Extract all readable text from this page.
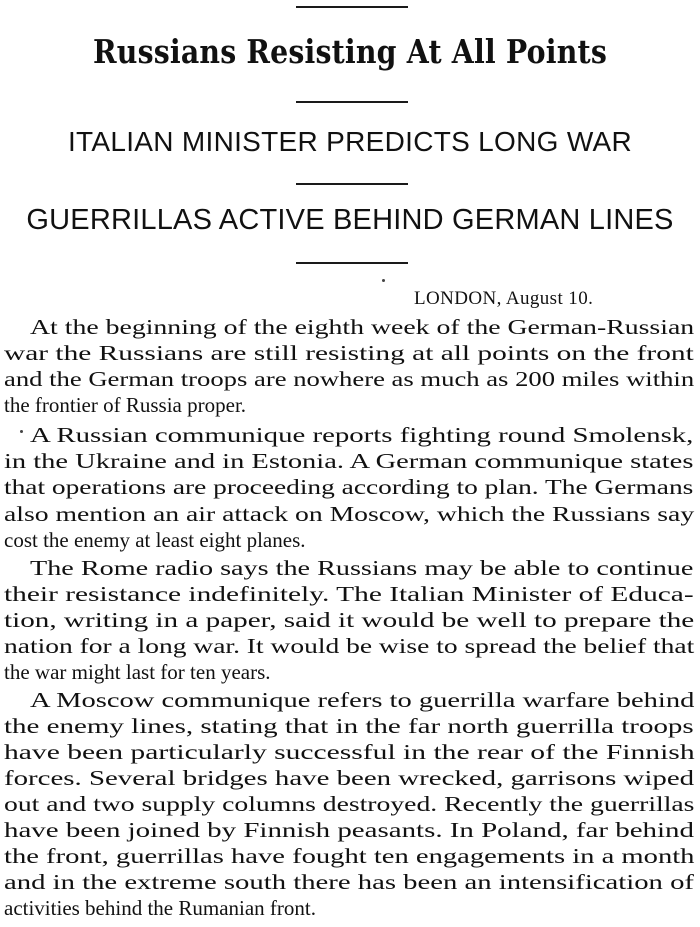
Russians Resisting At All Points
ITALIAN MINISTER PREDICTS LONG WAR
GUERRILLAS ACTIVE BEHIND GERMAN LINES
LONDON, August 10.
At the beginning of the eighth week of the German-Russian
war the Russians are still resisting at all points on the front
and the German troops are nowhere as much as 200 miles within
the frontier of Russia proper.
A Russian communique reports fighting round Smolensk,
in the Ukraine and in Estonia. A German communique states
that operations are proceeding according to plan. The Germans
also mention an air attack on Moscow, which the Russians say
cost the enemy at least eight planes.
The Rome radio says the Russians may be able to continue
their resistance indefinitely. The Italian Minister of Educa-
tion, writing in a paper, said it would be well to prepare the
nation for a long war. It would be wise to spread the belief that
the war might last for ten years.
A Moscow communique refers to guerrilla warfare behind
the enemy lines, stating that in the far north guerrilla troops
have been particularly successful in the rear of the Finnish
forces. Several bridges have been wrecked, garrisons wiped
out and two supply columns destroyed. Recently the guerrillas
have been joined by Finnish peasants. In Poland, far behind
the front, guerrillas have fought ten engagements in a month
and in the extreme south there has been an intensification of
activities behind the Rumanian front.
